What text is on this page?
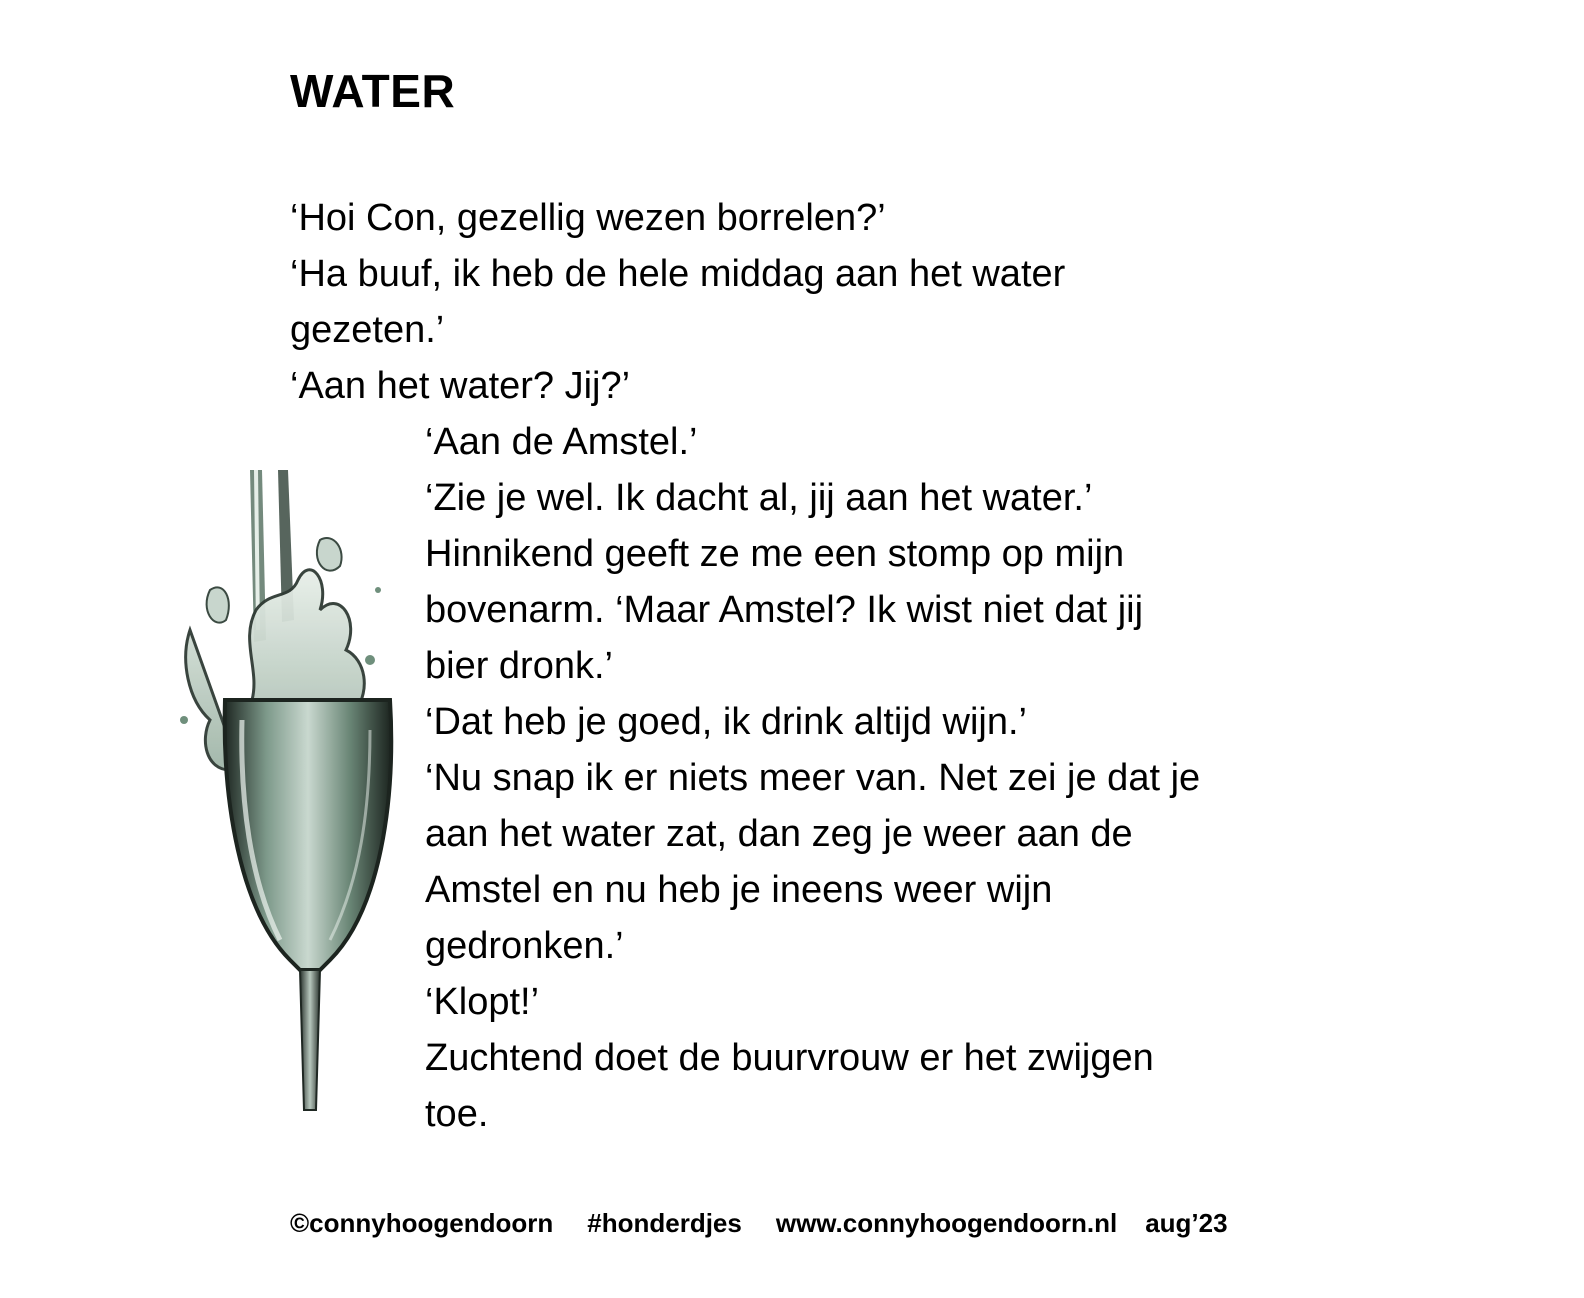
WATER
‘Hoi Con, gezellig wezen borrelen?’
‘Ha buuf, ik heb de hele middag aan het water
gezeten.’
‘Aan het water? Jij?’
‘Aan de Amstel.’
‘Zie je wel. Ik dacht al, jij aan het water.’
Hinnikend geeft ze me een stomp op mijn
bovenarm. ‘Maar Amstel? Ik wist niet dat jij
bier dronk.’
‘Dat heb je goed, ik drink altijd wijn.’
‘Nu snap ik er niets meer van. Net zei je dat je
aan het water zat, dan zeg je weer aan de
Amstel en nu heb je ineens weer wijn
gedronken.’
‘Klopt!’
Zuchtend doet de buurvrouw er het zwijgen
toe.
©connyhoogendoorn #honderdjes www.connyhoogendoorn.nl aug’23
